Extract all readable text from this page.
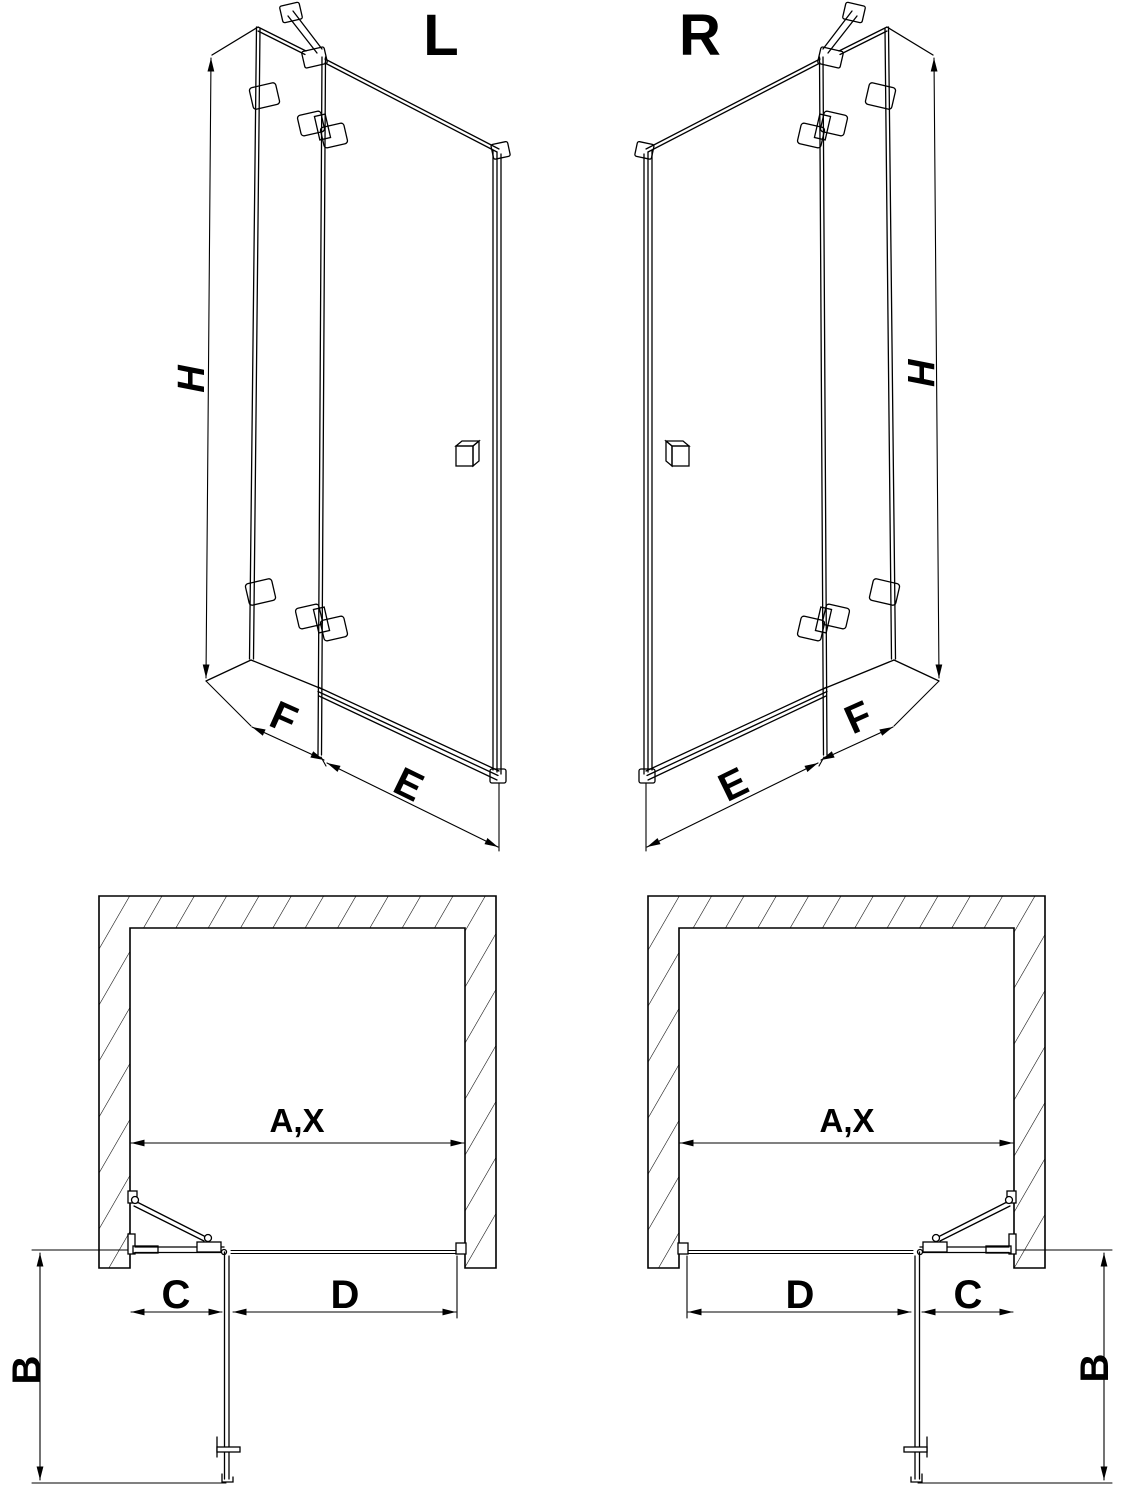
L	R
H	H
F
E	E
F
A,X	A,X
C	D	D	C
B	B
